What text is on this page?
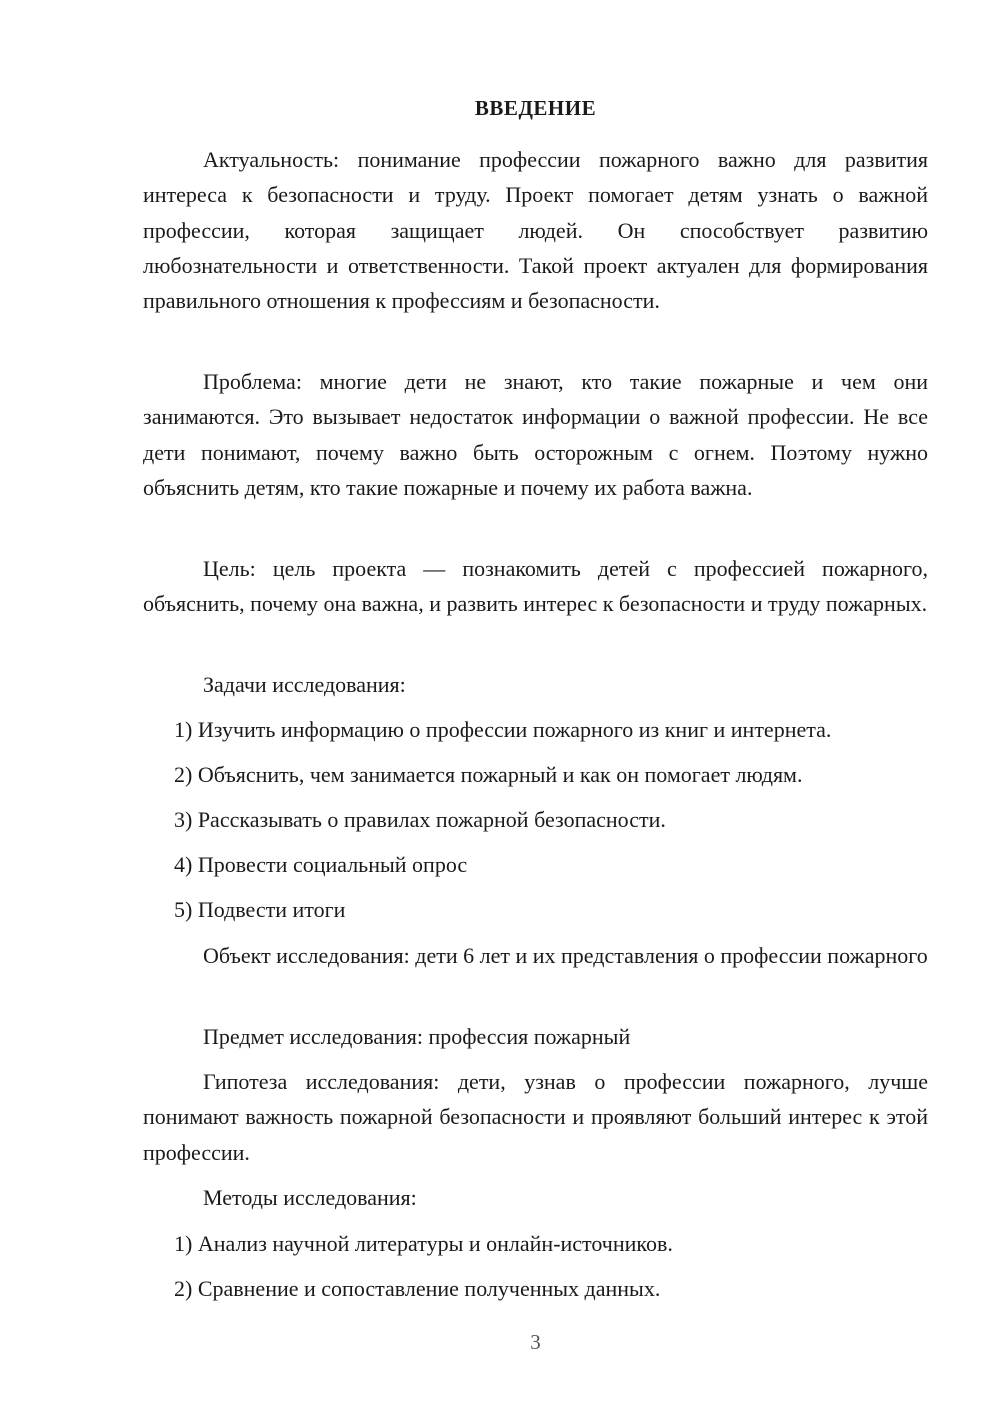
ВВЕДЕНИЕ

Актуальность: понимание профессии пожарного важно для развития интереса к безопасности и труду. Проект помогает детям узнать о важной профессии, которая защищает людей. Он способствует развитию любознательности и ответственности. Такой проект актуален для формирования правильного отношения к профессиям и безопасности.

Проблема: многие дети не знают, кто такие пожарные и чем они занимаются. Это вызывает недостаток информации о важной профессии. Не все дети понимают, почему важно быть осторожным с огнем. Поэтому нужно объяснить детям, кто такие пожарные и почему их работа важна.

Цель: цель проекта — познакомить детей с профессией пожарного, объяснить, почему она важна, и развить интерес к безопасности и труду пожарных.

Задачи исследования:

1) Изучить информацию о профессии пожарного из книг и интернета.

2) Объяснить, чем занимается пожарный и как он помогает людям.

3) Рассказывать о правилах пожарной безопасности.

4) Провести социальный опрос

5) Подвести итоги

Объект исследования: дети 6 лет и их представления о профессии пожарного

Предмет исследования: профессия пожарный

Гипотеза исследования: дети, узнав о профессии пожарного, лучше понимают важность пожарной безопасности и проявляют больший интерес к этой профессии.

Методы исследования:

1) Анализ научной литературы и онлайн-источников.

2) Сравнение и сопоставление полученных данных.

3
